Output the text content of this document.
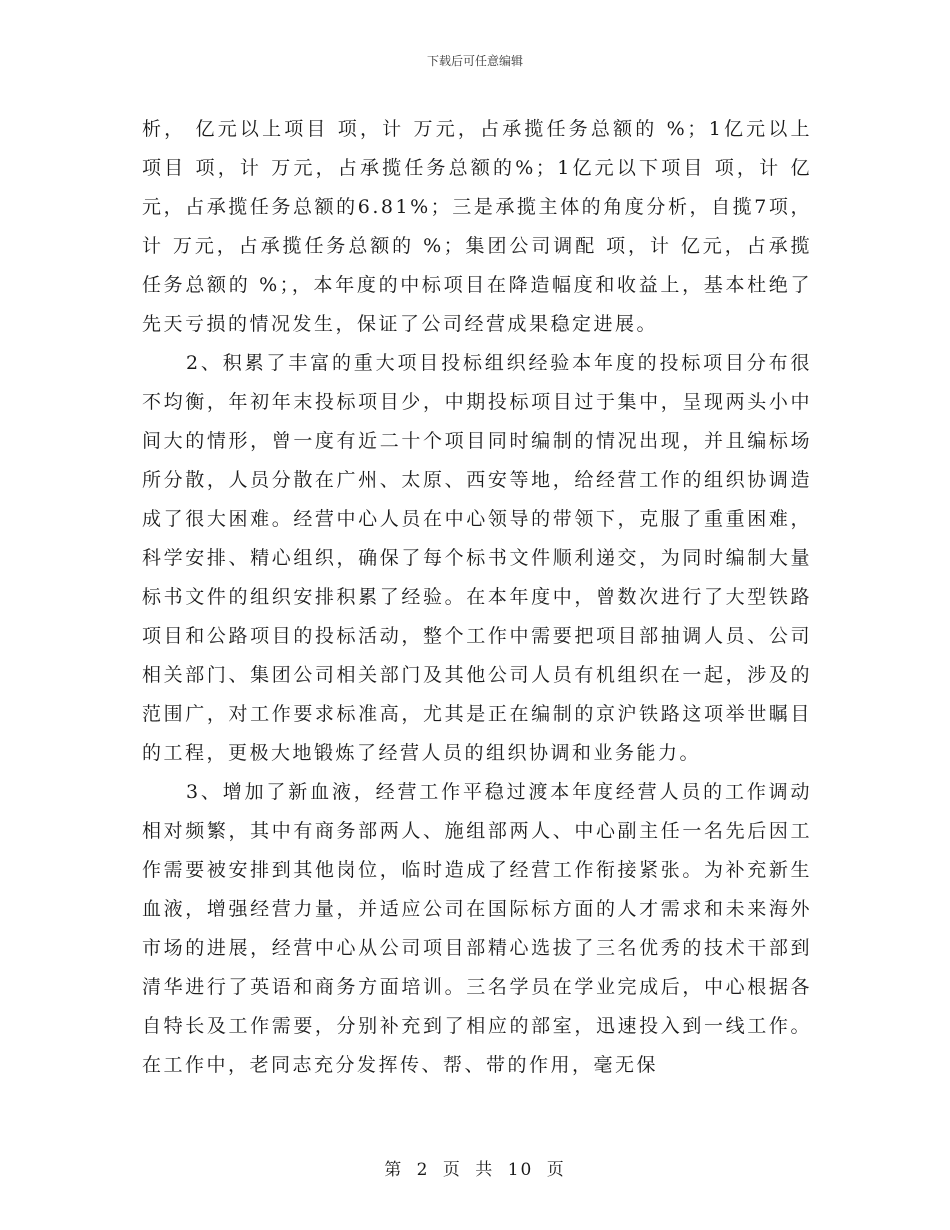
下载后可任意编辑

析， 亿元以上项目 项，计 万元，占承揽任务总额的 %；1亿元以上项目 项，计 万元，占承揽任务总额的%；1亿元以下项目 项，计 亿元，占承揽任务总额的6.81%；三是承揽主体的角度分析，自揽7项，计 万元，占承揽任务总额的 %；集团公司调配 项，计 亿元，占承揽任务总额的 %；，本年度的中标项目在降造幅度和收益上，基本杜绝了先天亏损的情况发生，保证了公司经营成果稳定进展。

2、积累了丰富的重大项目投标组织经验本年度的投标项目分布很不均衡，年初年末投标项目少，中期投标项目过于集中，呈现两头小中间大的情形，曾一度有近二十个项目同时编制的情况出现，并且编标场所分散，人员分散在广州、太原、西安等地，给经营工作的组织协调造成了很大困难。经营中心人员在中心领导的带领下，克服了重重困难，科学安排、精心组织，确保了每个标书文件顺利递交，为同时编制大量标书文件的组织安排积累了经验。在本年度中，曾数次进行了大型铁路项目和公路项目的投标活动，整个工作中需要把项目部抽调人员、公司相关部门、集团公司相关部门及其他公司人员有机组织在一起，涉及的范围广，对工作要求标准高，尤其是正在编制的京沪铁路这项举世瞩目的工程，更极大地锻炼了经营人员的组织协调和业务能力。

3、增加了新血液，经营工作平稳过渡本年度经营人员的工作调动相对频繁，其中有商务部两人、施组部两人、中心副主任一名先后因工作需要被安排到其他岗位，临时造成了经营工作衔接紧张。为补充新生血液，增强经营力量，并适应公司在国际标方面的人才需求和未来海外市场的进展，经营中心从公司项目部精心选拔了三名优秀的技术干部到清华进行了英语和商务方面培训。三名学员在学业完成后，中心根据各自特长及工作需要，分别补充到了相应的部室，迅速投入到一线工作。在工作中，老同志充分发挥传、帮、带的作用，毫无保

第 2 页 共 10 页
